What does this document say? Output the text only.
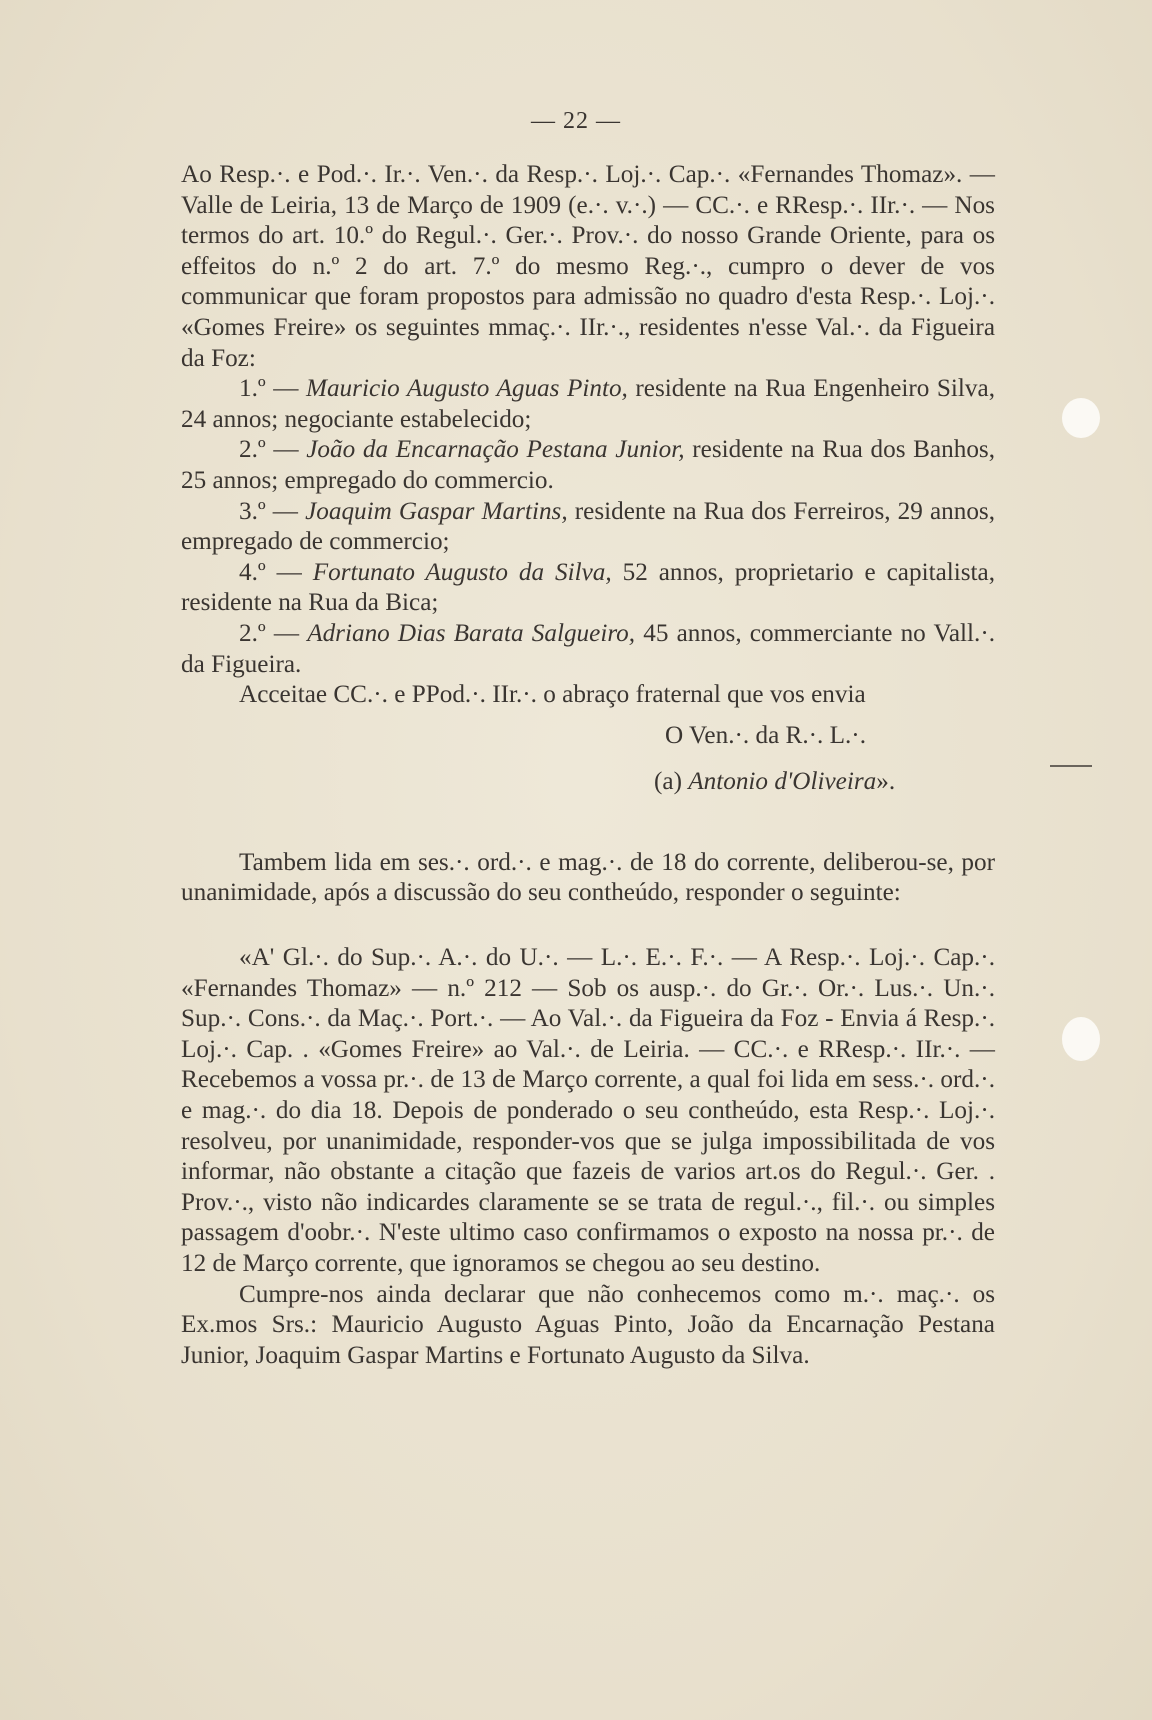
— 22 —

Ao Resp.·. e Pod.·. Ir.·. Ven.·. da Resp.·. Loj.·. Cap.·. «Fernandes Thomaz». — Valle de Leiria, 13 de Março de 1909 (e.·. v.·.) — CC.·. e RResp.·. IIr.·. — Nos termos do art. 10.º do Regul.·. Ger.·. Prov.·. do nosso Grande Oriente, para os effeitos do n.º 2 do art. 7.º do mesmo Reg.·., cumpro o dever de vos communicar que foram propostos para admissão no quadro d'esta Resp.·. Loj.·. «Gomes Freire» os seguintes mmaç.·. IIr.·., residentes n'esse Val.·. da Figueira da Foz:

1.º — Mauricio Augusto Aguas Pinto, residente na Rua Engenheiro Silva, 24 annos; negociante estabelecido;

2.º — João da Encarnação Pestana Junior, residente na Rua dos Banhos, 25 annos; empregado do commercio.

3.º — Joaquim Gaspar Martins, residente na Rua dos Ferreiros, 29 annos, empregado de commercio;

4.º — Fortunato Augusto da Silva, 52 annos, proprietario e capitalista, residente na Rua da Bica;

2.º — Adriano Dias Barata Salgueiro, 45 annos, commerciante no Vall.·. da Figueira.

Acceitae CC.·. e PPod.·. IIr.·. o abraço fraternal que vos envia

O Ven.·. da R.·. L.·.

(a) Antonio d'Oliveira».

Tambem lida em ses.·. ord.·. e mag.·. de 18 do corrente, deliberou-se, por unanimidade, após a discussão do seu contheúdo, responder o seguinte:

«A' Gl.·. do Sup.·. A.·. do U.·. — L.·. E.·. F.·. — A Resp.·. Loj.·. Cap.·. «Fernandes Thomaz» — n.º 212 — Sob os ausp.·. do Gr.·. Or.·. Lus.·. Un.·. Sup.·. Cons.·. da Maç.·. Port.·. — Ao Val.·. da Figueira da Foz - Envia á Resp.·. Loj.·. Cap. . «Gomes Freire» ao Val.·. de Leiria. — CC.·. e RResp.·. IIr.·. — Recebemos a vossa pr.·. de 13 de Março corrente, a qual foi lida em sess.·. ord.·. e mag.·. do dia 18. Depois de ponderado o seu contheúdo, esta Resp.·. Loj.·. resolveu, por unanimidade, responder-vos que se julga impossibilitada de vos informar, não obstante a citação que fazeis de varios art.os do Regul.·. Ger. . Prov.·., visto não indicardes claramente se se trata de regul.·., fil.·. ou simples passagem d'oobr.·. N'este ultimo caso confirmamos o exposto na nossa pr.·. de 12 de Março corrente, que ignoramos se chegou ao seu destino.

Cumpre-nos ainda declarar que não conhecemos como m.·. maç.·. os Ex.mos Srs.: Mauricio Augusto Aguas Pinto, João da Encarnação Pestana Junior, Joaquim Gaspar Martins e Fortunato Augusto da Silva.
